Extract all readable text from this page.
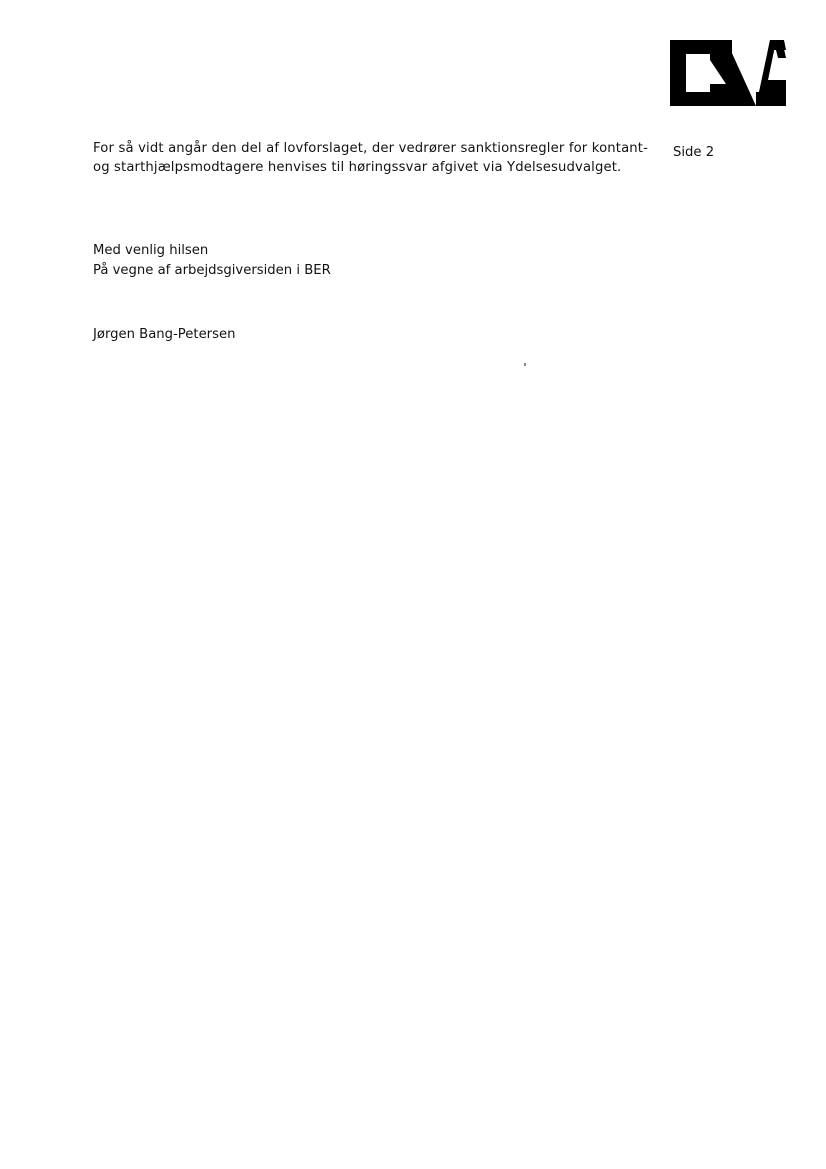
For så vidt angår den del af lovforslaget, der vedrører sanktionsregler for kontant- og starthjælpsmodtagere henvises til høringssvar afgivet via Ydelsesudvalget.
Side 2
Med venlig hilsen
På vegne af arbejdsgiversiden i BER
Jørgen Bang-Petersen
